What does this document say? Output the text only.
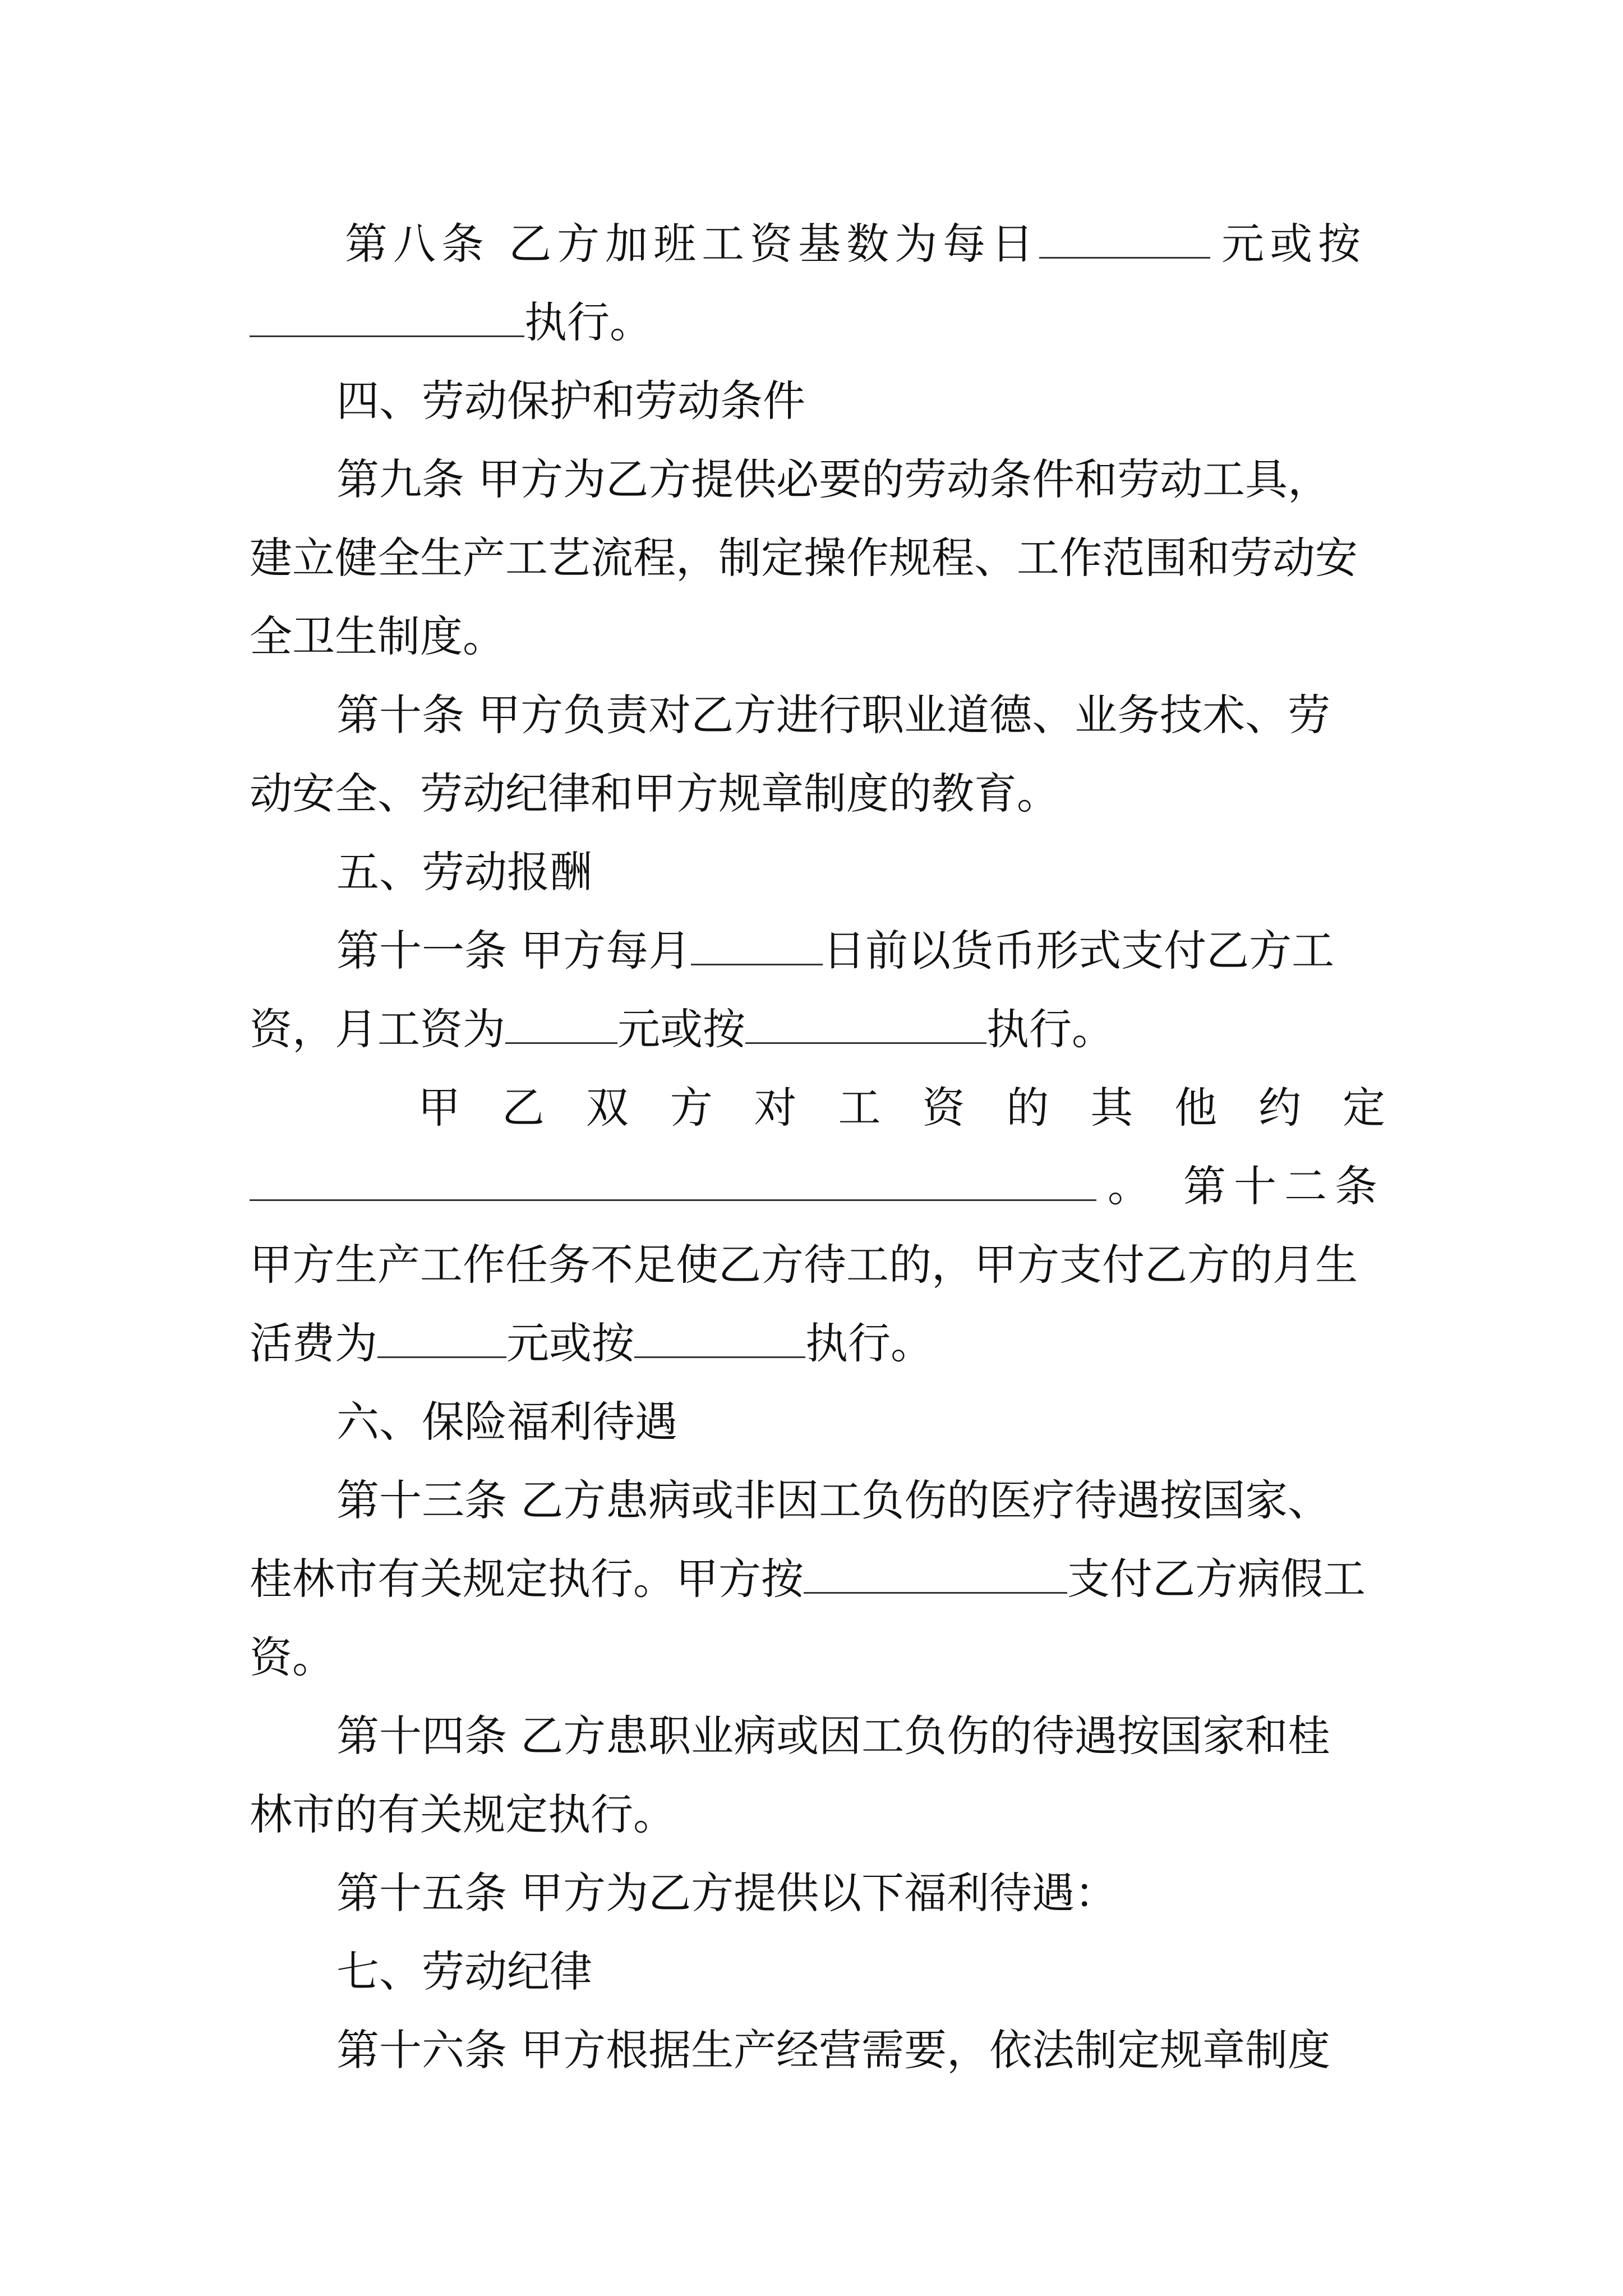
第八条 乙方加班工资基数为每日	元或按
执行。
四、劳动保护和劳动条件
第九条 甲方为乙方提供必要的劳动条件和劳动工具，
建立健全生产工艺流程，制定操作规程、工作范围和劳动安
全卫生制度。
第十条 甲方负责对乙方进行职业道德、业务技术、劳
动安全、劳动纪律和甲方规章制度的教育。
五、劳动报酬
第十一条 甲方每月	日前以货币形式支付乙方工
资，月工资为	元或按	执行。
甲 乙 双 方 对 工 资 的 其 他 约 定
。 第十二条
甲方生产工作任务不足使乙方待工的，甲方支付乙方的月生
活费为	元或按	执行。
六、保险福利待遇
第十三条 乙方患病或非因工负伤的医疗待遇按国家、
桂林市有关规定执行。甲方按	支付乙方病假工
资。
第十四条 乙方患职业病或因工负伤的待遇按国家和桂
林市的有关规定执行。
第十五条 甲方为乙方提供以下福利待遇：
七、劳动纪律
第十六条 甲方根据生产经营需要，依法制定规章制度
